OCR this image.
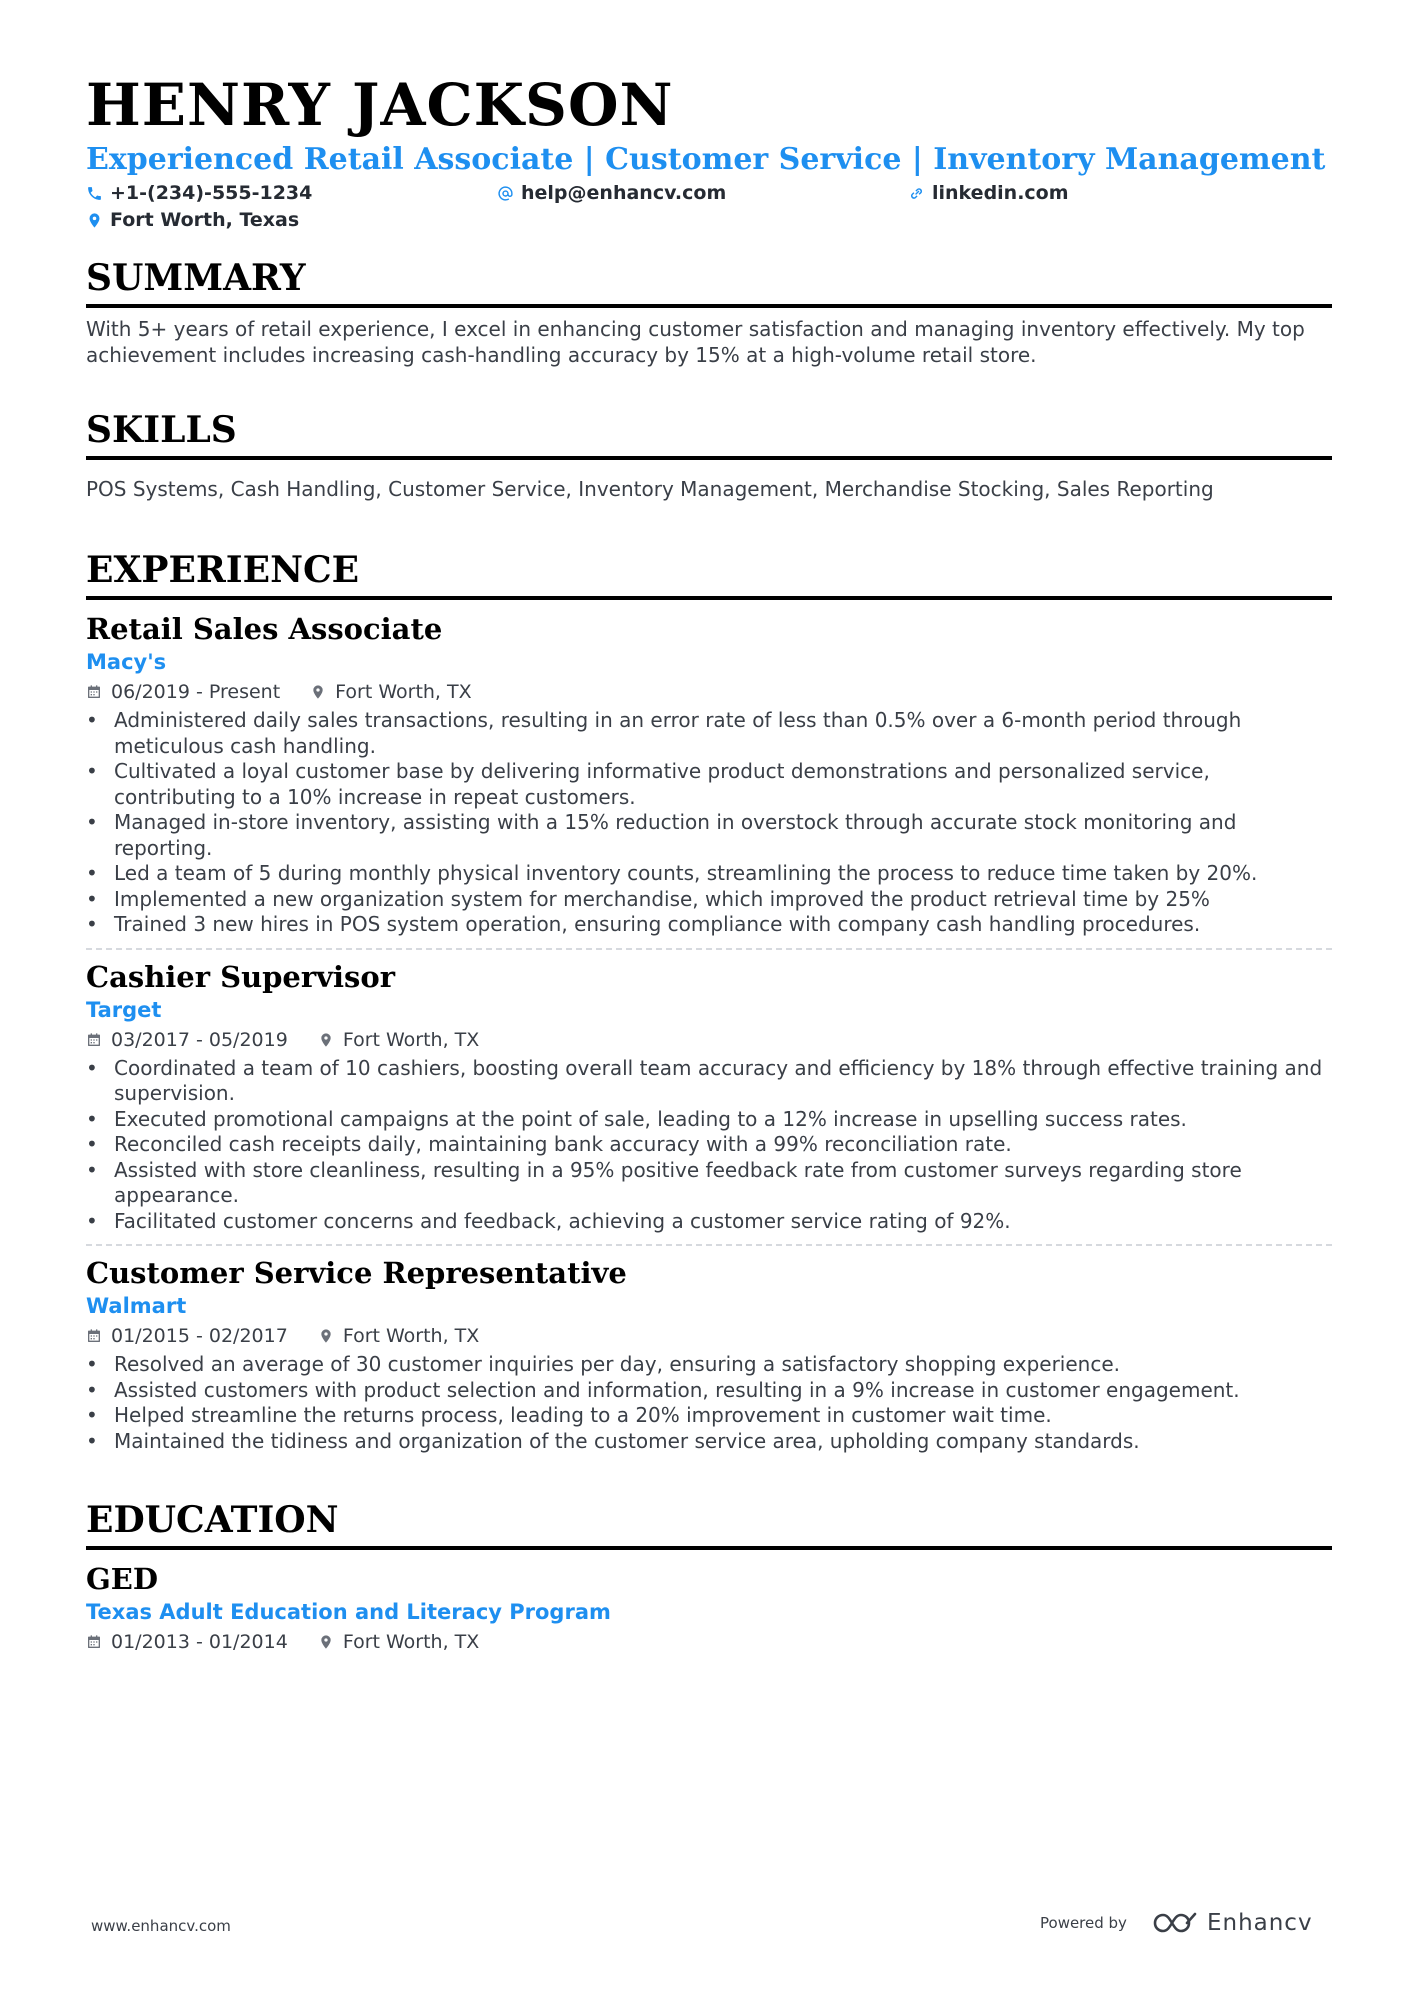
HENRY JACKSON
Experienced Retail Associate | Customer Service | Inventory Management
+1-(234)-555-1234	help@enhancv.com	linkedin.com
Fort Worth, Texas
SUMMARY

With 5+ years of retail experience, I excel in enhancing customer satisfaction and managing inventory effectively. My top achievement includes increasing cash-handling accuracy by 15% at a high-volume retail store.

SKILLS

POS Systems, Cash Handling, Customer Service, Inventory Management, Merchandise Stocking, Sales Reporting

EXPERIENCE
Retail Sales Associate
Macy's
06/2019 - Present	Fort Worth, TX
• Administered daily sales transactions, resulting in an error rate of less than 0.5% over a 6-month period through meticulous cash handling.
• Cultivated a loyal customer base by delivering informative product demonstrations and personalized service, contributing to a 10% increase in repeat customers.
• Managed in-store inventory, assisting with a 15% reduction in overstock through accurate stock monitoring and reporting.
• Led a team of 5 during monthly physical inventory counts, streamlining the process to reduce time taken by 20%.
• Implemented a new organization system for merchandise, which improved the product retrieval time by 25%
• Trained 3 new hires in POS system operation, ensuring compliance with company cash handling procedures.
Cashier Supervisor
Target
03/2017 - 05/2019	Fort Worth, TX
• Coordinated a team of 10 cashiers, boosting overall team accuracy and efficiency by 18% through effective training and supervision.
• Executed promotional campaigns at the point of sale, leading to a 12% increase in upselling success rates.
• Reconciled cash receipts daily, maintaining bank accuracy with a 99% reconciliation rate.
• Assisted with store cleanliness, resulting in a 95% positive feedback rate from customer surveys regarding store appearance.
• Facilitated customer concerns and feedback, achieving a customer service rating of 92%.
Customer Service Representative
Walmart
01/2015 - 02/2017	Fort Worth, TX
• Resolved an average of 30 customer inquiries per day, ensuring a satisfactory shopping experience.
• Assisted customers with product selection and information, resulting in a 9% increase in customer engagement.
• Helped streamline the returns process, leading to a 20% improvement in customer wait time.
• Maintained the tidiness and organization of the customer service area, upholding company standards.
EDUCATION
GED
Texas Adult Education and Literacy Program
01/2013 - 01/2014	Fort Worth, TX
www.enhancv.com	Powered by	Enhancv
